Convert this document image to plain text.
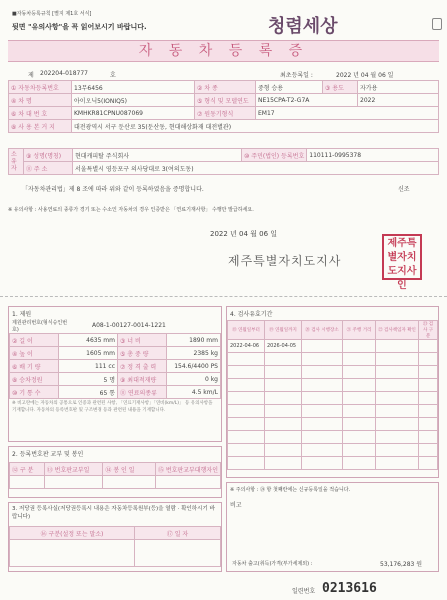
■자동차등록규칙 [별지 제1호 서식]
뒷면 "유의사항"을 꼭 읽어보시기 바랍니다.	청렴세상
자 동 차 등 록 증
제 202204-018777	호	최초등록일 :	2022 년 04 월 06 일
① 자동차등록번호	13무6456	② 차 종	중형 승용	③ 용도	자가용
④ 차 명	아이오닉5(IONIQ5)	⑤ 형식 및 모델연도	NE15CPA-T2-G7A		2022
⑥ 차 대 번 호	KMHKR81CPNU087069	⑦ 원동기형식	EM17		
⑧ 사 용 본 거 지	대전광역시 서구 둔산로 35(둔산동, 현대해상화재 대전별관)				
소유자	⑨ 성명(명칭)	현대캐피탈 주식회사	⑩ 주민(법인) 등록번호	110111-0995378
	⑪ 주 소	서울특별시 영등포구 의사당대로 3(여의도동)		
「자동차관리법」제 8 조에 따라 위와 같이 등록하였음을 증명합니다.	신조
※ 유의사항 : 사용연료의 종류가 경기 또는 수소인 자동차의 경우 인증받은 「연료기재사항」 수행만 발급하세요.
2022 년 04 월 06 일
제주특별자치도지사
제주특별자치도지사인
1. 제원
제원관리번호(형식승인번호)
A08-1-00127-0014-1221
② 길 이	4635 mm	③ 너 비	1890 mm
④ 높 이	1605 mm	⑤ 총 중 량	2385 kg
⑥ 배 기 량	111 cc	⑦ 정 격 출 력	154.6/4400 PS
⑧ 승차정원	5 명	⑨ 최대적재량	0 kg
⑩ 기 통 수	65 통	⑪ 연료의종류	4.5 km/L
※ 비고란에는 자동차의 공통으로 인증과 관련된 사항, 「연료기재사항」「연비(km/L)」 등 유의사항을 기재합니다. 자동차의 등록번호판 및 구조변경 등과 관련된 내용을 기재합니다.
2. 등록번호판 교부 및 봉인
⑫ 구 분	⑬ 번호판교부일	⑭ 봉 인 일	⑮ 번호판교부대행자인

3. 저당권 등록사실(저당권등록시 내용은 자동차등록원부(등)을 열람 · 확인하시기 바랍니다)
⑯ 구분(설정 또는 말소)	⑰ 일 자

4. 검사유효기간
⑱ 연월일부터	⑲ 연월일까지	⑳ 검사 시행장소	㉑ 주행 거리	㉒ 검사책임자 확인	㉓ 검사 구분
2022-04-06	2026-04-05				

※ 주의사항 : ㉔ 항 첫째란에는 신규등록일을 적습니다.
비고
자동차 출고(취득)가격(부가세제외) :	53,176,283 원
일련번호 0213616
